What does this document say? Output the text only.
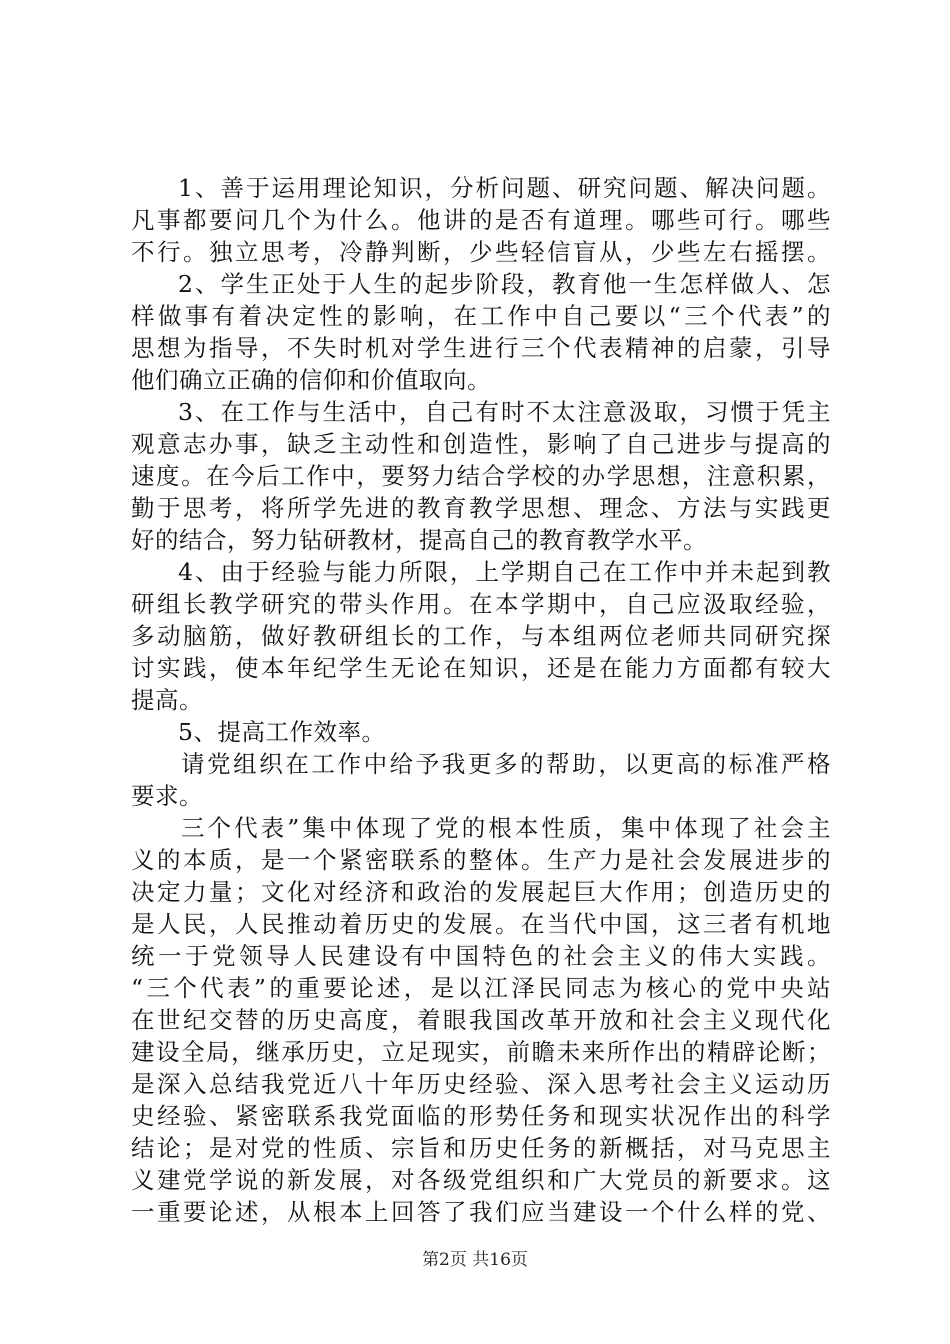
1、善于运用理论知识，分析问题、研究问题、解决问题。
凡事都要问几个为什么。他讲的是否有道理。哪些可行。哪些
不行。独立思考，冷静判断，少些轻信盲从，少些左右摇摆。
2、学生正处于人生的起步阶段，教育他一生怎样做人、怎
样做事有着决定性的影响，在工作中自己要以“三个代表”的
思想为指导，不失时机对学生进行三个代表精神的启蒙，引导
他们确立正确的信仰和价值取向。
3、在工作与生活中，自己有时不太注意汲取，习惯于凭主
观意志办事，缺乏主动性和创造性，影响了自己进步与提高的
速度。在今后工作中，要努力结合学校的办学思想，注意积累，
勤于思考，将所学先进的教育教学思想、理念、方法与实践更
好的结合，努力钻研教材，提高自己的教育教学水平。
4、由于经验与能力所限，上学期自己在工作中并未起到教
研组长教学研究的带头作用。在本学期中，自己应汲取经验，
多动脑筋，做好教研组长的工作，与本组两位老师共同研究探
讨实践，使本年纪学生无论在知识，还是在能力方面都有较大
提高。
5、提高工作效率。
请党组织在工作中给予我更多的帮助，以更高的标准严格
要求。
三个代表”集中体现了党的根本性质，集中体现了社会主
义的本质，是一个紧密联系的整体。生产力是社会发展进步的
决定力量；文化对经济和政治的发展起巨大作用；创造历史的
是人民，人民推动着历史的发展。在当代中国，这三者有机地
统一于党领导人民建设有中国特色的社会主义的伟大实践。
“三个代表”的重要论述，是以江泽民同志为核心的党中央站
在世纪交替的历史高度，着眼我国改革开放和社会主义现代化
建设全局，继承历史，立足现实，前瞻未来所作出的精辟论断；
是深入总结我党近八十年历史经验、深入思考社会主义运动历
史经验、紧密联系我党面临的形势任务和现实状况作出的科学
结论；是对党的性质、宗旨和历史任务的新概括，对马克思主
义建党学说的新发展，对各级党组织和广大党员的新要求。这
一重要论述，从根本上回答了我们应当建设一个什么样的党、
第2页 共16页
